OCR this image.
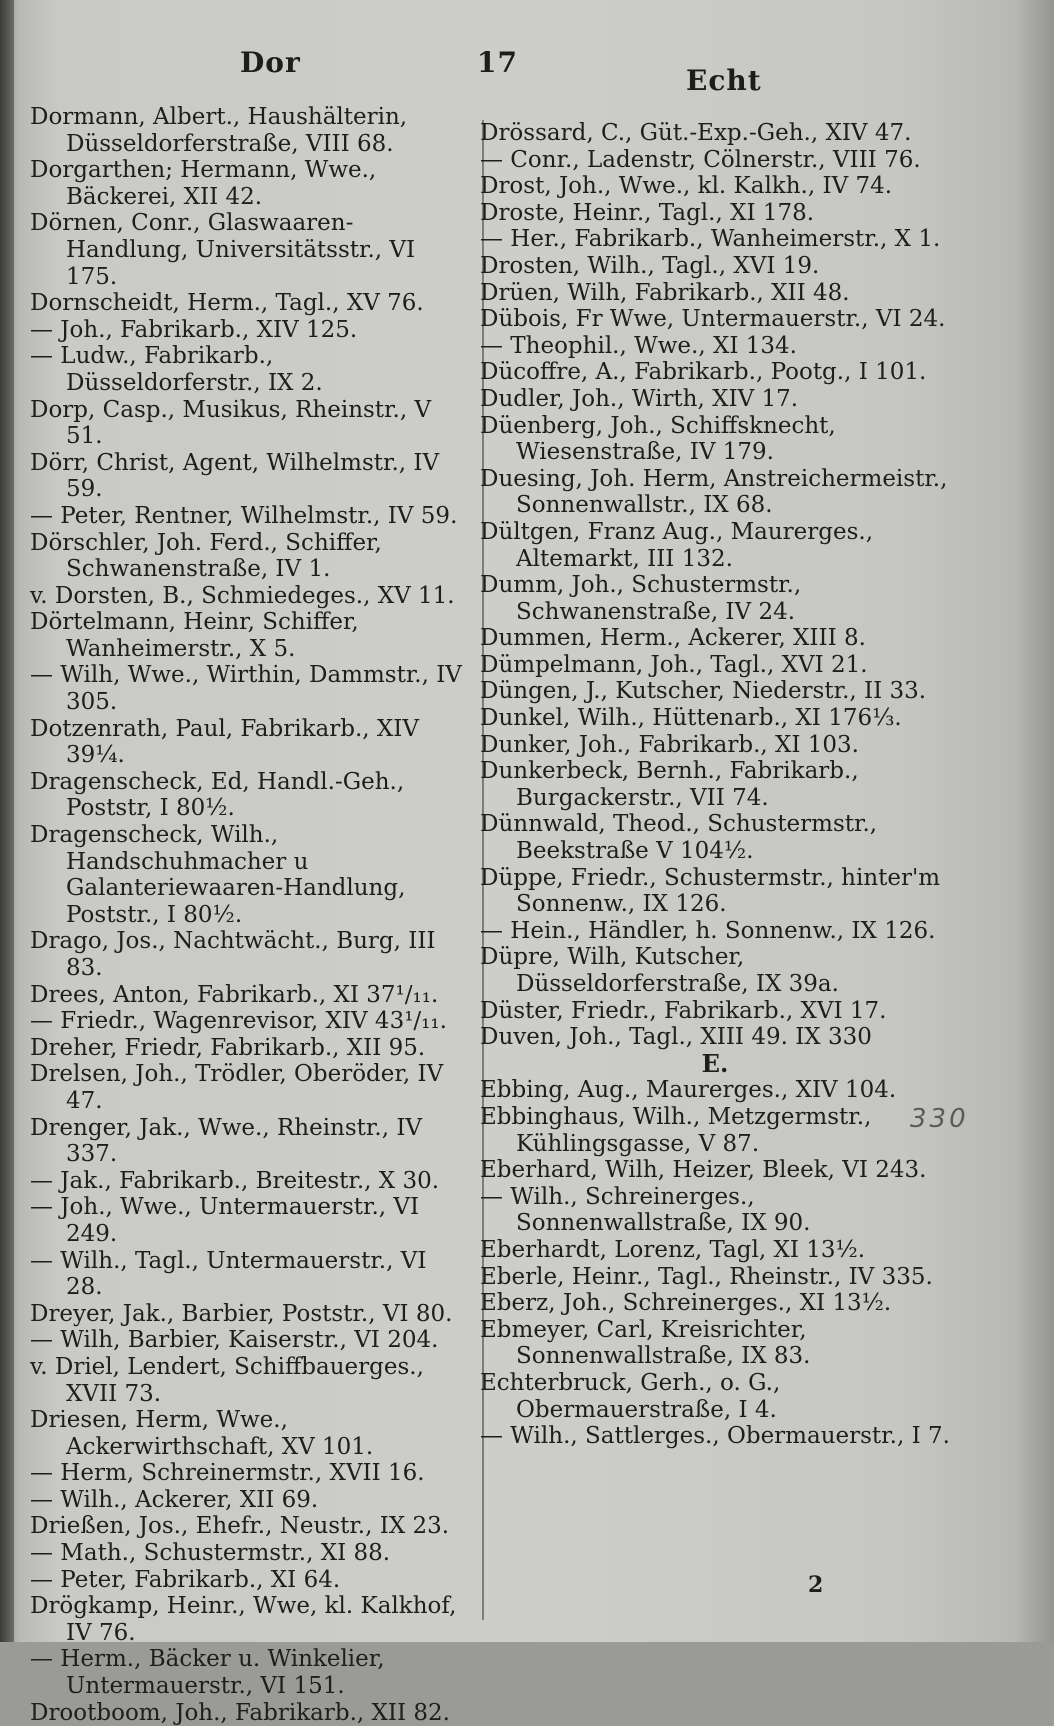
Dor	17
Echt
Dormann, Albert., Haushälterin, Düsseldorferstraße, VIII 68.
Dorgarthen; Hermann, Wwe., Bäckerei, XII 42.
Dörnen, Conr., Glaswaaren-Handlung, Universitätsstr., VI 175.
Dornscheidt, Herm., Tagl., XV 76.
— Joh., Fabrikarb., XIV 125.
— Ludw., Fabrikarb., Düsseldorferstr., IX 2.
Dorp, Casp., Musikus, Rheinstr., V 51.
Dörr, Christ, Agent, Wilhelmstr., IV 59.
— Peter, Rentner, Wilhelmstr., IV 59.
Dörschler, Joh. Ferd., Schiffer, Schwanenstraße, IV 1.
v. Dorsten, B., Schmiedeges., XV 11.
Dörtelmann, Heinr, Schiffer, Wanheimerstr., X 5.
— Wilh, Wwe., Wirthin, Dammstr., IV 305.
Dotzenrath, Paul, Fabrikarb., XIV 39¼.
Dragenscheck, Ed, Handl.-Geh., Poststr, I 80½.
Dragenscheck, Wilh., Handschuhmacher u Galanteriewaaren-Handlung, Poststr., I 80½.
Drago, Jos., Nachtwächt., Burg, III 83.
Drees, Anton, Fabrikarb., XI 37¹/₁₁.
— Friedr., Wagenrevisor, XIV 43¹/₁₁.
Dreher, Friedr, Fabrikarb., XII 95.
Drelsen, Joh., Trödler, Oberöder, IV 47.
Drenger, Jak., Wwe., Rheinstr., IV 337.
— Jak., Fabrikarb., Breitestr., X 30.
— Joh., Wwe., Untermauerstr., VI 249.
— Wilh., Tagl., Untermauerstr., VI 28.
Dreyer, Jak., Barbier, Poststr., VI 80.
— Wilh, Barbier, Kaiserstr., VI 204.
v. Driel, Lendert, Schiffbauerges., XVII 73.
Driesen, Herm, Wwe., Ackerwirthschaft, XV 101.
— Herm, Schreinermstr., XVII 16.
— Wilh., Ackerer, XII 69.
Drießen, Jos., Ehefr., Neustr., IX 23.
— Math., Schustermstr., XI 88.
— Peter, Fabrikarb., XI 64.
Drögkamp, Heinr., Wwe, kl. Kalkhof, IV 76.
— Herm., Bäcker u. Winkelier, Untermauerstr., VI 151.
Drootboom, Joh., Fabrikarb., XII 82.
Drössard, C., Güt.-Exp.-Geh., XIV 47.
— Conr., Ladenstr, Cölnerstr., VIII 76.
Drost, Joh., Wwe., kl. Kalkh., IV 74.
Droste, Heinr., Tagl., XI 178.
— Her., Fabrikarb., Wanheimerstr., X 1.
Drosten, Wilh., Tagl., XVI 19.
Drüen, Wilh, Fabrikarb., XII 48.
Dübois, Fr Wwe, Untermauerstr., VI 24.
— Theophil., Wwe., XI 134.
Dücoffre, A., Fabrikarb., Pootg., I 101.
Dudler, Joh., Wirth, XIV 17.
Düenberg, Joh., Schiffsknecht, Wiesenstraße, IV 179.
Duesing, Joh. Herm, Anstreichermeistr., Sonnenwallstr., IX 68.
Dültgen, Franz Aug., Maurerges., Altemarkt, III 132.
Dumm, Joh., Schustermstr., Schwanenstraße, IV 24.
Dummen, Herm., Ackerer, XIII 8.
Dümpelmann, Joh., Tagl., XVI 21.
Düngen, J., Kutscher, Niederstr., II 33.
Dunkel, Wilh., Hüttenarb., XI 176⅓.
Dunker, Joh., Fabrikarb., XI 103.
Dunkerbeck, Bernh., Fabrikarb., Burgackerstr., VII 74.
Dünnwald, Theod., Schustermstr., Beekstraße V 104½.
Düppe, Friedr., Schustermstr., hinter'm Sonnenw., IX 126.
— Hein., Händler, h. Sonnenw., IX 126.
Düpre, Wilh, Kutscher, Düsseldorferstraße, IX 39a.
Düster, Friedr., Fabrikarb., XVI 17.
Duven, Joh., Tagl., XIII 49. IX 330
E.
Ebbing, Aug., Maurerges., XIV 104.
Ebbinghaus, Wilh., Metzgermstr., Kühlingsgasse, V 87.
Eberhard, Wilh, Heizer, Bleek, VI 243.
— Wilh., Schreinerges., Sonnenwallstraße, IX 90.
Eberhardt, Lorenz, Tagl, XI 13½.
Eberle, Heinr., Tagl., Rheinstr., IV 335.
Eberz, Joh., Schreinerges., XI 13½.
Ebmeyer, Carl, Kreisrichter, Sonnenwallstraße, IX 83.
Echterbruck, Gerh., o. G., Obermauerstraße, I 4.
— Wilh., Sattlerges., Obermauerstr., I 7.
330
2
